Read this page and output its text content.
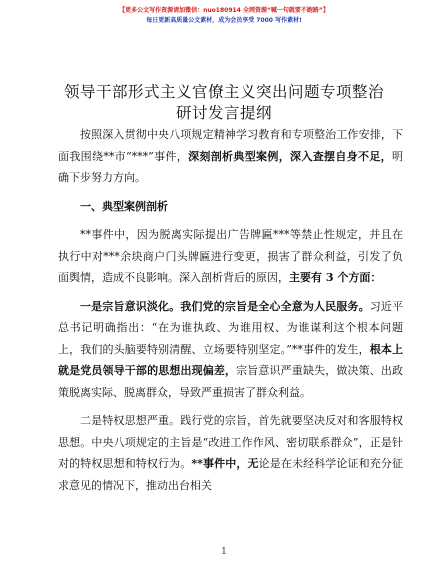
【更多公文写作资源请加微信：nuo180914 全网资源“喊一句就要不跑路”】
每日更新高质量公文素材，成为会员享受 7000 写作素材!
领导干部形式主义官僚主义突出问题专项整治
研讨发言提纲

按照深入贯彻中央八项规定精神学习教育和专项整治工作安排，下面我围绕**市“***”事件，深刻剖析典型案例，深入查摆自身不足，明确下步努力方向。

一、典型案例剖析

**事件中，因为脱离实际提出广告牌匾***等禁止性规定，并且在执行中对***余块商户门头牌匾进行变更，损害了群众利益，引发了负面舆情，造成不良影响。深入剖析背后的原因，主要有 3 个方面：

一是宗旨意识淡化。我们党的宗旨是全心全意为人民服务。习近平总书记明确指出：“在为谁执政、为谁用权、为谁谋利这个根本问题上，我们的头脑要特别清醒、立场要特别坚定。”**事件的发生，根本上就是党员领导干部的思想出现偏差，宗旨意识严重缺失，做决策、出政策脱离实际、脱离群众，导致严重损害了群众利益。

二是特权思想严重。践行党的宗旨，首先就要坚决反对和客服特权思想。中央八项规定的主旨是“改进工作作风、密切联系群众”，正是针对的特权思想和特权行为。**事件中，无论是在未经科学论证和充分征求意见的情况下，推动出台相关

1
